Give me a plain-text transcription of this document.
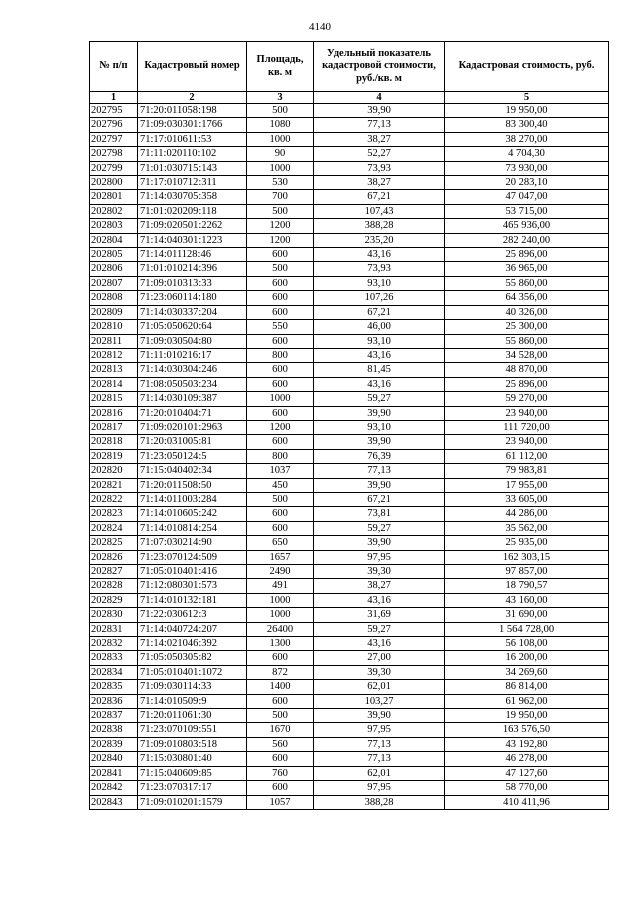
4140
№ п/п	Кадастровый номер	Площадь, кв. м	Удельный показатель кадастровой стоимости, руб./кв. м	Кадастровая стоимость, руб.
1	2	3	4	5
202795	71:20:011058:198	500	39,90	19 950,00
202796	71:09:030301:1766	1080	77,13	83 300,40
202797	71:17:010611:53	1000	38,27	38 270,00
202798	71:11:020110:102	90	52,27	4 704,30
202799	71:01:030715:143	1000	73,93	73 930,00
202800	71:17:010712:311	530	38,27	20 283,10
202801	71:14:030705:358	700	67,21	47 047,00
202802	71:01:020209:118	500	107,43	53 715,00
202803	71:09:020501:2262	1200	388,28	465 936,00
202804	71:14:040301:1223	1200	235,20	282 240,00
202805	71:14:011128:46	600	43,16	25 896,00
202806	71:01:010214:396	500	73,93	36 965,00
202807	71:09:010313:33	600	93,10	55 860,00
202808	71:23:060114:180	600	107,26	64 356,00
202809	71:14:030337:204	600	67,21	40 326,00
202810	71:05:050620:64	550	46,00	25 300,00
202811	71:09:030504:80	600	93,10	55 860,00
202812	71:11:010216:17	800	43,16	34 528,00
202813	71:14:030304:246	600	81,45	48 870,00
202814	71:08:050503:234	600	43,16	25 896,00
202815	71:14:030109:387	1000	59,27	59 270,00
202816	71:20:010404:71	600	39,90	23 940,00
202817	71:09:020101:2963	1200	93,10	111 720,00
202818	71:20:031005:81	600	39,90	23 940,00
202819	71:23:050124:5	800	76,39	61 112,00
202820	71:15:040402:34	1037	77,13	79 983,81
202821	71:20:011508:50	450	39,90	17 955,00
202822	71:14:011003:284	500	67,21	33 605,00
202823	71:14:010605:242	600	73,81	44 286,00
202824	71:14:010814:254	600	59,27	35 562,00
202825	71:07:030214:90	650	39,90	25 935,00
202826	71:23:070124:509	1657	97,95	162 303,15
202827	71:05:010401:416	2490	39,30	97 857,00
202828	71:12:080301:573	491	38,27	18 790,57
202829	71:14:010132:181	1000	43,16	43 160,00
202830	71:22:030612:3	1000	31,69	31 690,00
202831	71:14:040724:207	26400	59,27	1 564 728,00
202832	71:14:021046:392	1300	43,16	56 108,00
202833	71:05:050305:82	600	27,00	16 200,00
202834	71:05:010401:1072	872	39,30	34 269,60
202835	71:09:030114:33	1400	62,01	86 814,00
202836	71:14:010509:9	600	103,27	61 962,00
202837	71:20:011061:30	500	39,90	19 950,00
202838	71:23:070109:551	1670	97,95	163 576,50
202839	71:09:010803:518	560	77,13	43 192,80
202840	71:15:030801:40	600	77,13	46 278,00
202841	71:15:040609:85	760	62,01	47 127,60
202842	71:23:070317:17	600	97,95	58 770,00
202843	71:09:010201:1579	1057	388,28	410 411,96
